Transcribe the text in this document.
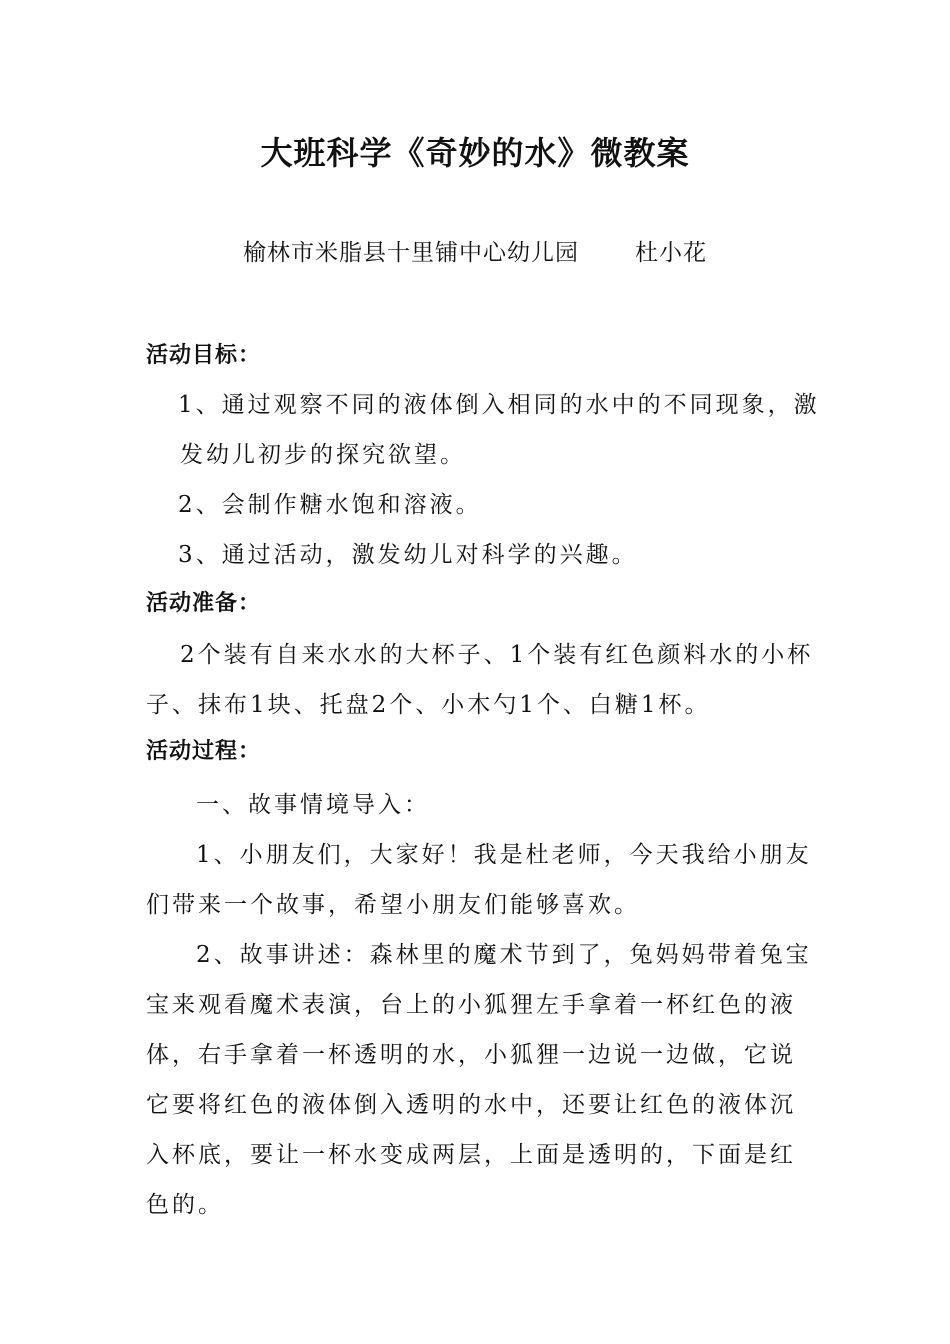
大班科学《奇妙的水》微教案
榆林市米脂县十里铺中心幼儿园 杜小花
活动目标：
1、通过观察不同的液体倒入相同的水中的不同现象，激
发幼儿初步的探究欲望。
2、会制作糖水饱和溶液。
3、通过活动，激发幼儿对科学的兴趣。
活动准备：
2个装有自来水水的大杯子、1个装有红色颜料水的小杯
子、抹布1块、托盘2个、小木勺1个、白糖1杯。
活动过程：
一、故事情境导入：
1、小朋友们，大家好！我是杜老师，今天我给小朋友
们带来一个故事，希望小朋友们能够喜欢。
2、故事讲述：森林里的魔术节到了，兔妈妈带着兔宝
宝来观看魔术表演，台上的小狐狸左手拿着一杯红色的液
体，右手拿着一杯透明的水，小狐狸一边说一边做，它说
它要将红色的液体倒入透明的水中，还要让红色的液体沉
入杯底，要让一杯水变成两层，上面是透明的，下面是红
色的。
